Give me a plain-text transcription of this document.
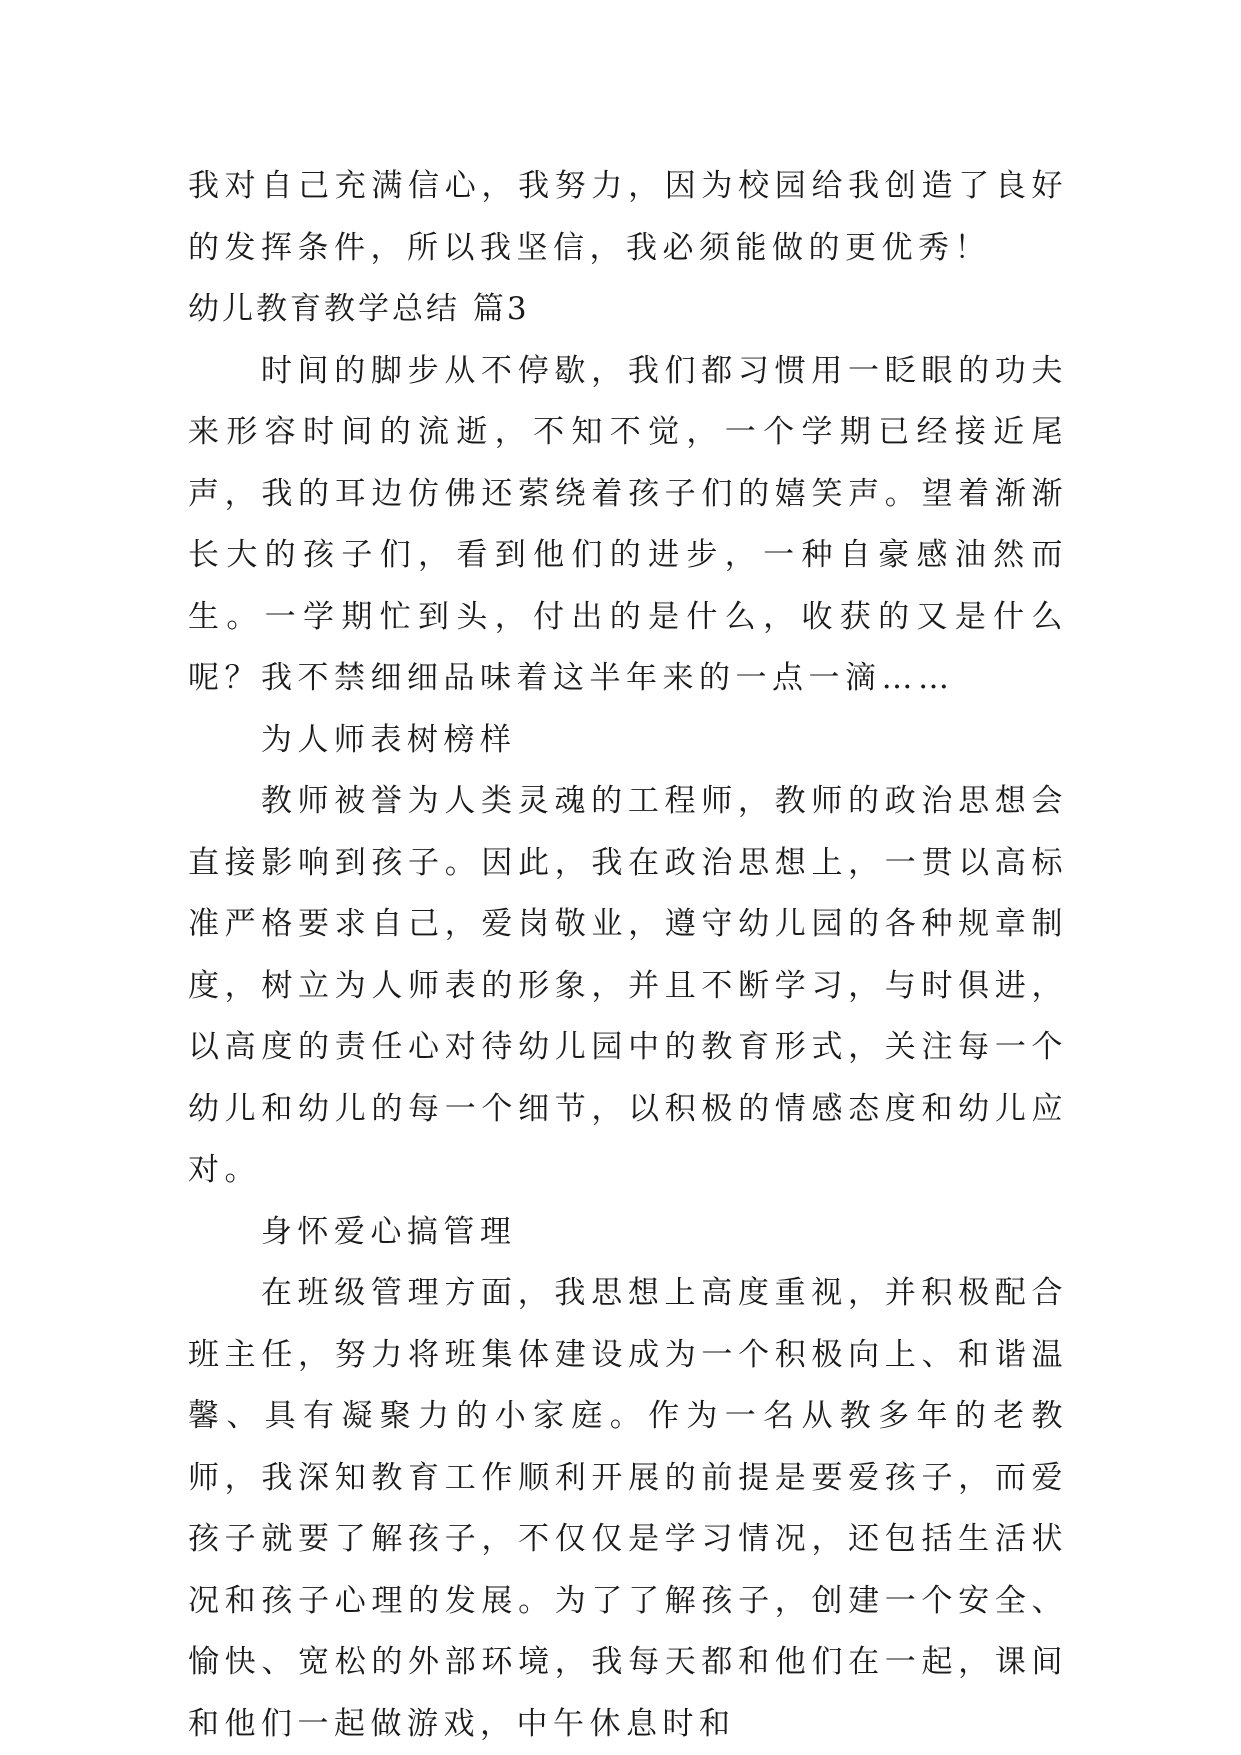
我对自己充满信心，我努力，因为校园给我创造了良好的发挥条件，所以我坚信，我必须能做的更优秀！

幼儿教育教学总结 篇3

时间的脚步从不停歇，我们都习惯用一眨眼的功夫来形容时间的流逝，不知不觉，一个学期已经接近尾声，我的耳边仿佛还萦绕着孩子们的嬉笑声。望着渐渐长大的孩子们，看到他们的进步，一种自豪感油然而生。一学期忙到头，付出的是什么，收获的又是什么呢？我不禁细细品味着这半年来的一点一滴……

为人师表树榜样

教师被誉为人类灵魂的工程师，教师的政治思想会直接影响到孩子。因此，我在政治思想上，一贯以高标准严格要求自己，爱岗敬业，遵守幼儿园的各种规章制度，树立为人师表的形象，并且不断学习，与时俱进，以高度的责任心对待幼儿园中的教育形式，关注每一个幼儿和幼儿的每一个细节，以积极的情感态度和幼儿应对。

身怀爱心搞管理

在班级管理方面，我思想上高度重视，并积极配合班主任，努力将班集体建设成为一个积极向上、和谐温馨、具有凝聚力的小家庭。作为一名从教多年的老教师，我深知教育工作顺利开展的前提是要爱孩子，而爱孩子就要了解孩子，不仅仅是学习情况，还包括生活状况和孩子心理的发展。为了了解孩子，创建一个安全、愉快、宽松的外部环境，我每天都和他们在一起，课间和他们一起做游戏，中午休息时和
